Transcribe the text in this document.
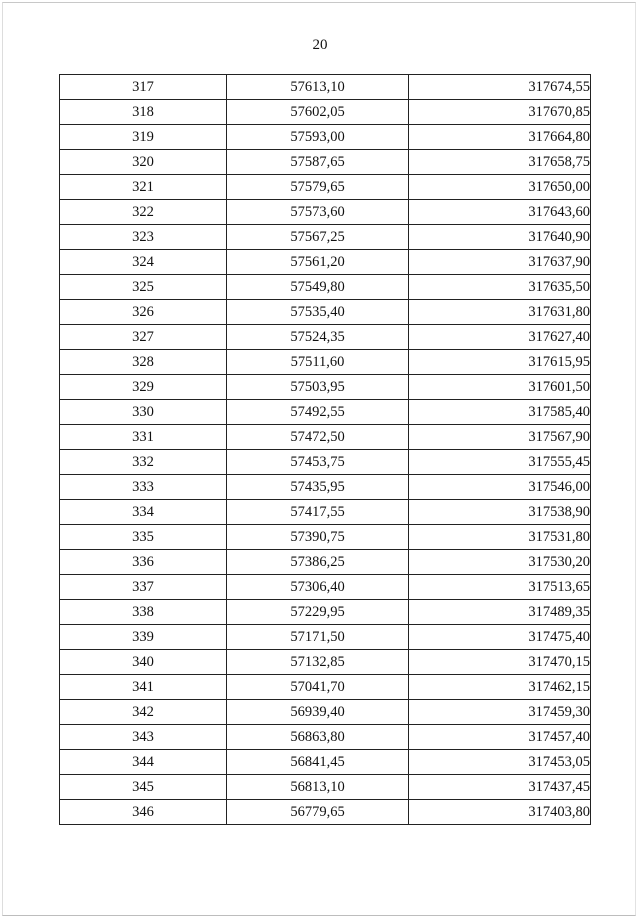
20
317	57613,10	317674,55
318	57602,05	317670,85
319	57593,00	317664,80
320	57587,65	317658,75
321	57579,65	317650,00
322	57573,60	317643,60
323	57567,25	317640,90
324	57561,20	317637,90
325	57549,80	317635,50
326	57535,40	317631,80
327	57524,35	317627,40
328	57511,60	317615,95
329	57503,95	317601,50
330	57492,55	317585,40
331	57472,50	317567,90
332	57453,75	317555,45
333	57435,95	317546,00
334	57417,55	317538,90
335	57390,75	317531,80
336	57386,25	317530,20
337	57306,40	317513,65
338	57229,95	317489,35
339	57171,50	317475,40
340	57132,85	317470,15
341	57041,70	317462,15
342	56939,40	317459,30
343	56863,80	317457,40
344	56841,45	317453,05
345	56813,10	317437,45
346	56779,65	317403,80
